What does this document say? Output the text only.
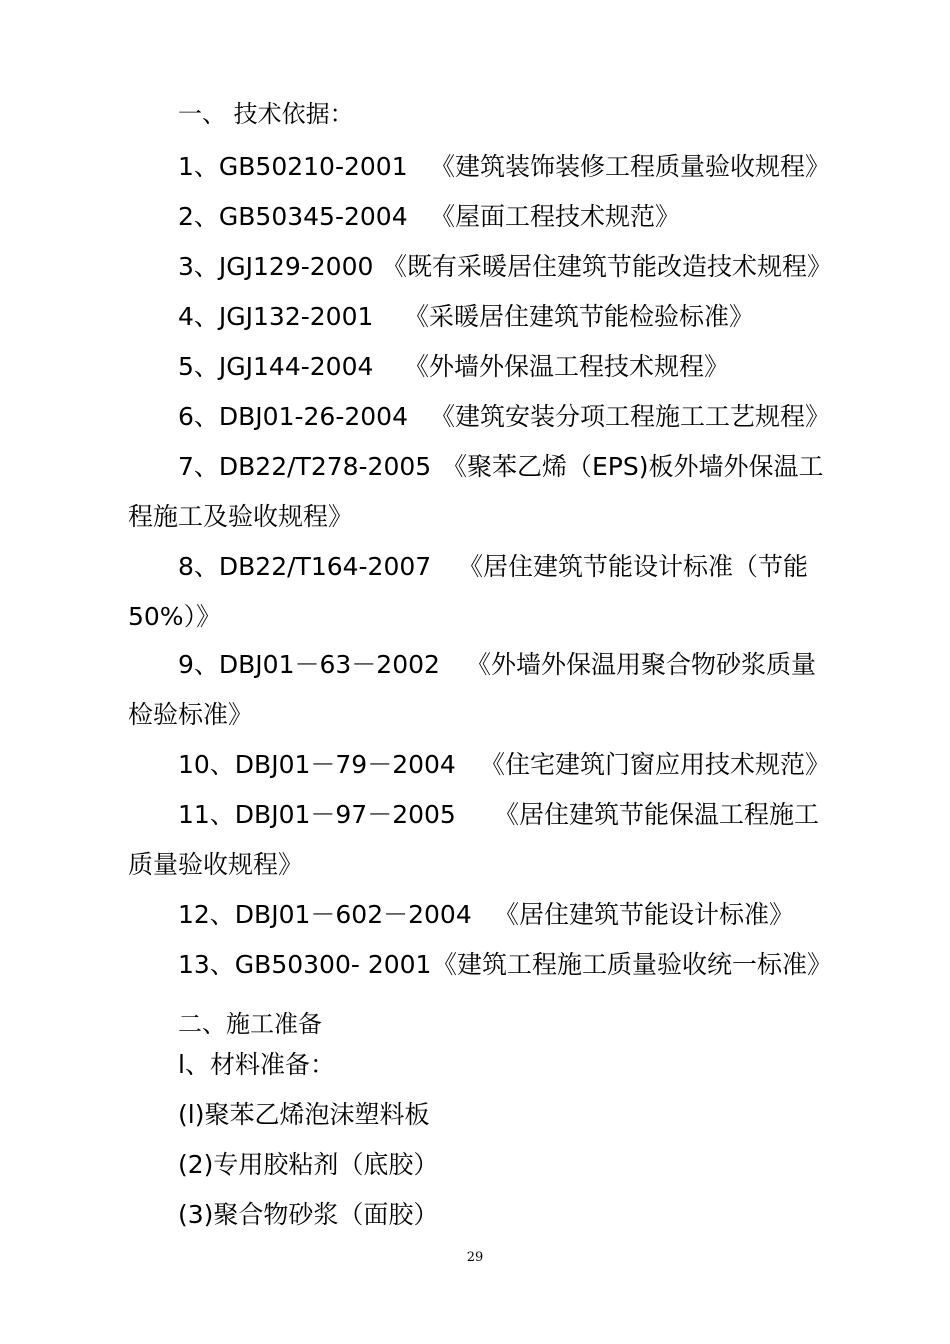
一、 技术依据：
1、GB50210-2001 《建筑装饰装修工程质量验收规程》
2、GB50345-2004 《屋面工程技术规范》
3、JGJ129-2000 《既有采暖居住建筑节能改造技术规程》
4、JGJ132-2001 《采暖居住建筑节能检验标准》
5、JGJ144-2004 《外墙外保温工程技术规程》
6、DBJ01-26-2004 《建筑安装分项工程施工工艺规程》
7、DB22/T278-2005 《聚苯乙烯（EPS)板外墙外保温工
程施工及验收规程》
8、DB22/T164-2007 《居住建筑节能设计标准（节能
50%）》
9、DBJ01－63－2002 《外墙外保温用聚合物砂浆质量
检验标准》
10、DBJ01－79－2004 《住宅建筑门窗应用技术规范》
11、DBJ01－97－2005 《居住建筑节能保温工程施工
质量验收规程》
12、DBJ01－602－2004 《居住建筑节能设计标准》
13、GB50300- 2001 《建筑工程施工质量验收统一标准》
二、施工准备
l、材料准备：
(l)聚苯乙烯泡沫塑料板
(2)专用胶粘剂（底胶）
(3)聚合物砂浆（面胶）
29
